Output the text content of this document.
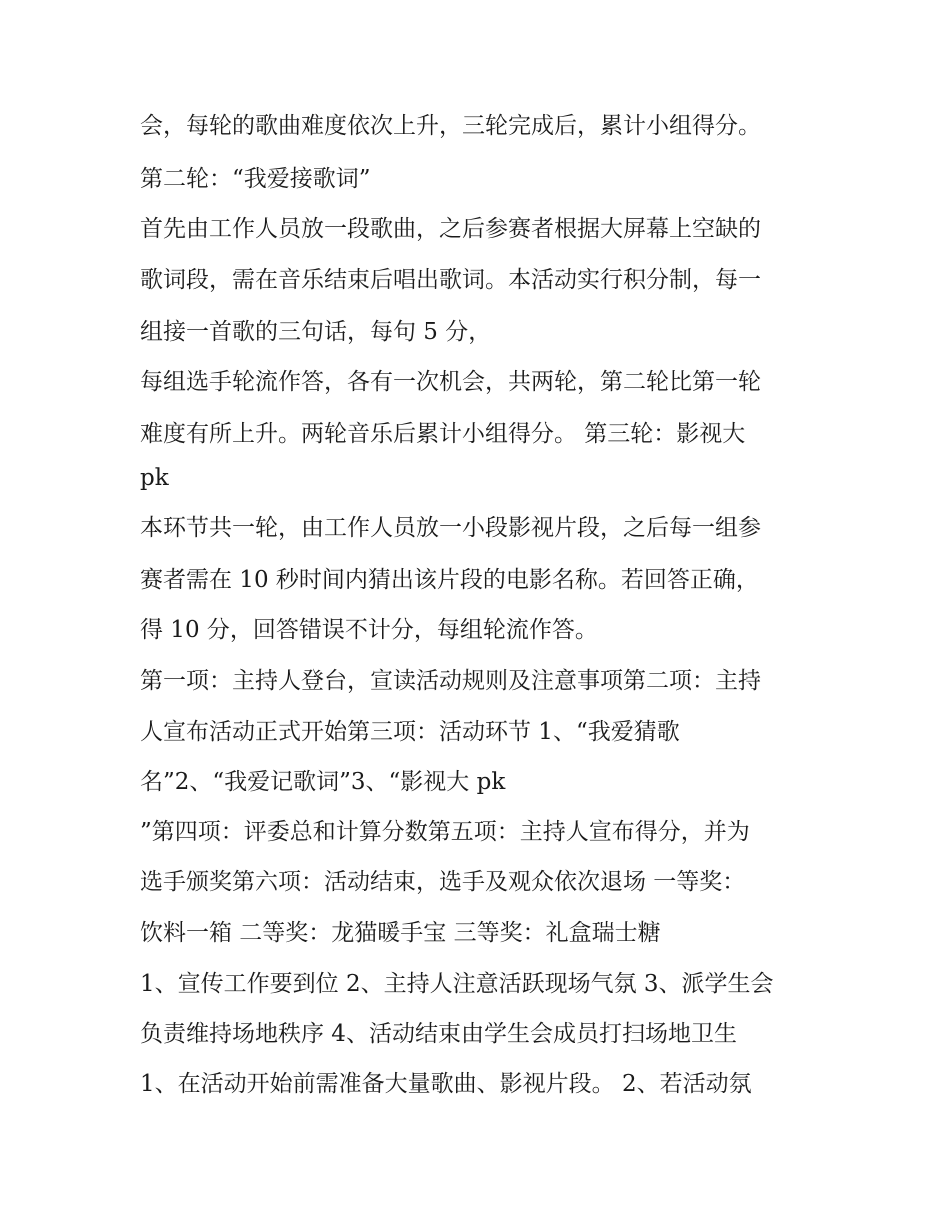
会，每轮的歌曲难度依次上升，三轮完成后，累计小组得分。
第二轮：“我爱接歌词”
首先由工作人员放一段歌曲，之后参赛者根据大屏幕上空缺的
歌词段，需在音乐结束后唱出歌词。本活动实行积分制，每一
组接一首歌的三句话，每句 5 分，
每组选手轮流作答，各有一次机会，共两轮，第二轮比第一轮
难度有所上升。两轮音乐后累计小组得分。 第三轮：影视大
pk
本环节共一轮，由工作人员放一小段影视片段，之后每一组参
赛者需在 10 秒时间内猜出该片段的电影名称。若回答正确，
得 10 分，回答错误不计分，每组轮流作答。
第一项：主持人登台，宣读活动规则及注意事项第二项：主持
人宣布活动正式开始第三项：活动环节 1、“我爱猜歌
名”2、“我爱记歌词”3、“影视大 pk
”第四项：评委总和计算分数第五项：主持人宣布得分，并为
选手颁奖第六项：活动结束，选手及观众依次退场 一等奖：
饮料一箱 二等奖：龙猫暖手宝 三等奖：礼盒瑞士糖
1、宣传工作要到位 2、主持人注意活跃现场气氛 3、派学生会
负责维持场地秩序 4、活动结束由学生会成员打扫场地卫生
1、在活动开始前需准备大量歌曲、影视片段。 2、若活动氛
